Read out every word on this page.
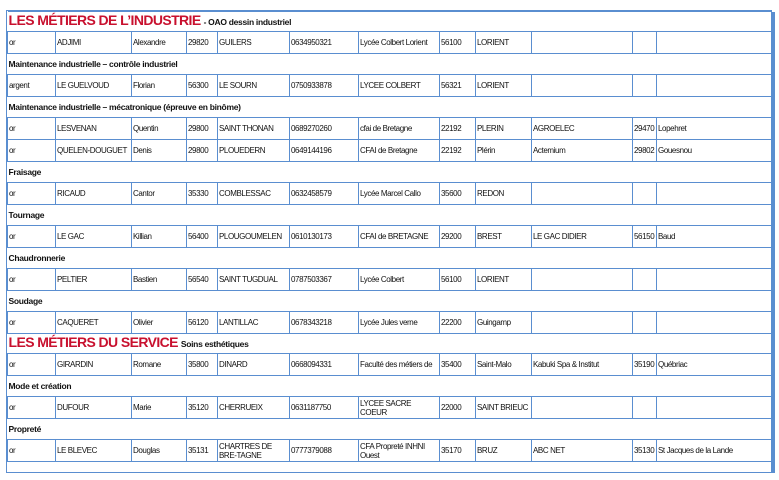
LES MÉTIERS DE L’INDUSTRIE - OAO dessin industriel											
or	ADJIMI	Alexandre	29820	GUILERS	0634950321	Lycée Colbert Lorient	56100	LORIENT			
Maintenance industrielle – contrôle industriel											
argent	LE GUELVOUD	Florian	56300	LE SOURN	0750933878	LYCEE COLBERT	56321	LORIENT			
Maintenance industrielle – mécatronique (épreuve en binôme)											
or	LESVENAN	Quentin	29800	SAINT THONAN	0689270260	cfai de Bretagne	22192	PLERIN	AGROELEC	29470	Lopehret
or	QUELEN-DOUGUET	Denis	29800	PLOUEDERN	0649144196	CFAI de Bretagne	22192	Plérin	Actemium	29802	Gouesnou
Fraisage											
or	RICAUD	Cantor	35330	COMBLESSAC	0632458579	Lycée Marcel Callo	35600	REDON			
Tournage											
or	LE GAC	Killian	56400	PLOUGOUMELEN	0610130173	CFAI de BRETAGNE	29200	BREST	LE GAC DIDIER	56150	Baud
Chaudronnerie											
or	PELTIER	Bastien	56540	SAINT TUGDUAL	0787503367	Lycée Colbert	56100	LORIENT			
Soudage											
or	CAQUERET	Olivier	56120	LANTILLAC	0678343218	Lycée Jules verne	22200	Guingamp			
LES MÉTIERS DU SERVICE Soins esthétiques											
or	GIRARDIN	Romane	35800	DINARD	0668094331	Faculté des métiers de	35400	Saint-Malo	Kabuki Spa & Institut	35190	Québriac
Mode et création											
or	DUFOUR	Marie	35120	CHERRUEIX	0631187750	LYCEE SACRE COEUR	22000	SAINT BRIEUC			
Propreté											
or	LE BLEVEC	Douglas	35131	CHARTRES DE BRE-TAGNE	0777379088	CFA Propreté INHNI Ouest	35170	BRUZ	ABC NET	35130	St Jacques de la Lande
